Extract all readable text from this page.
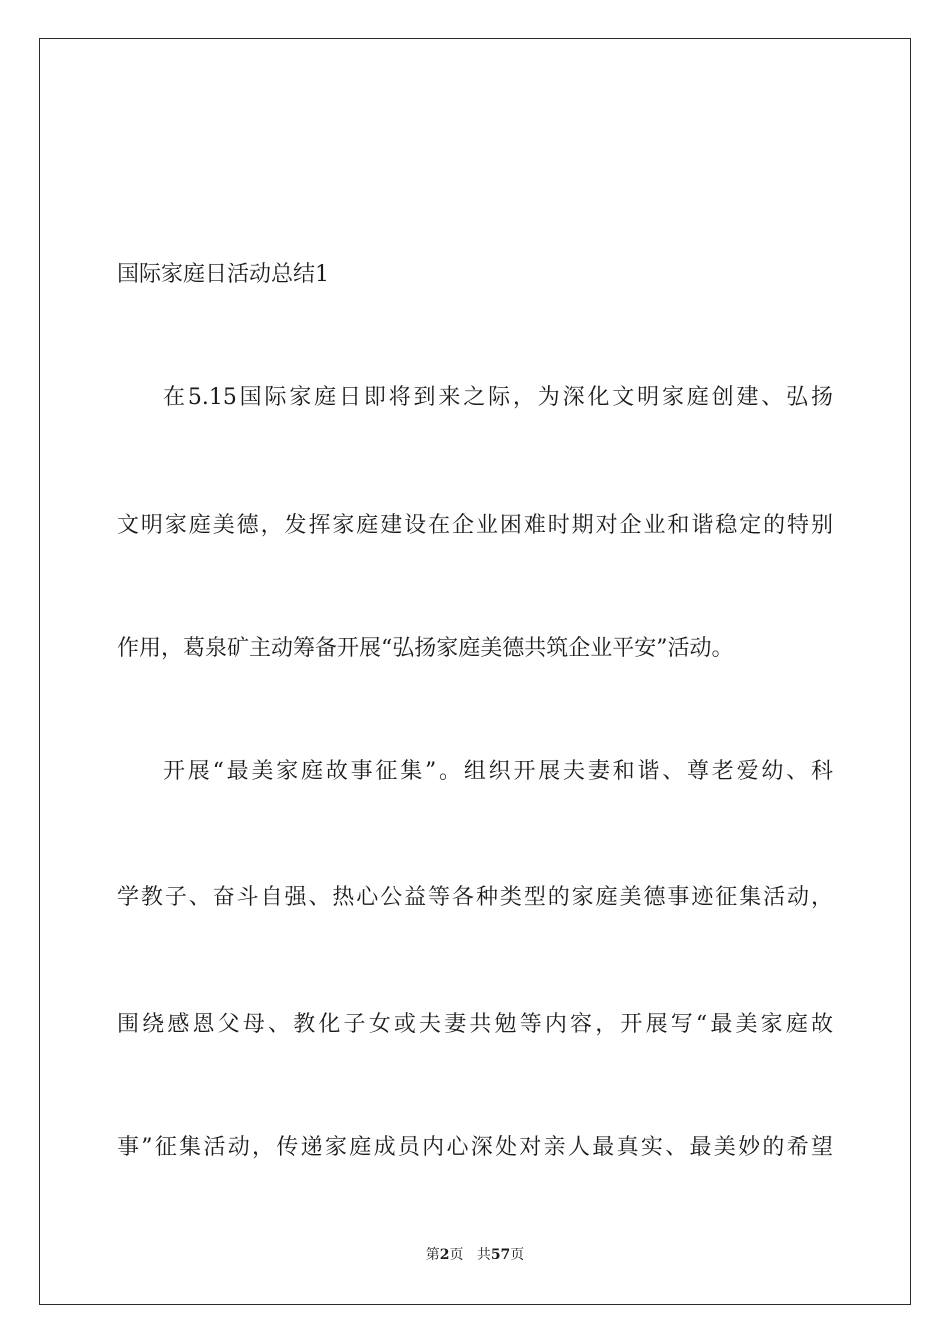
国际家庭日活动总结1
在5.15国际家庭日即将到来之际，为深化文明家庭创建、弘扬
文明家庭美德，发挥家庭建设在企业困难时期对企业和谐稳定的特别
作用，葛泉矿主动筹备开展“弘扬家庭美德共筑企业平安”活动。
开展“最美家庭故事征集”。组织开展夫妻和谐、尊老爱幼、科
学教子、奋斗自强、热心公益等各种类型的家庭美德事迹征集活动，
围绕感恩父母、教化子女或夫妻共勉等内容，开展写“最美家庭故
事”征集活动，传递家庭成员内心深处对亲人最真实、最美妙的希望
第2页 共57页
